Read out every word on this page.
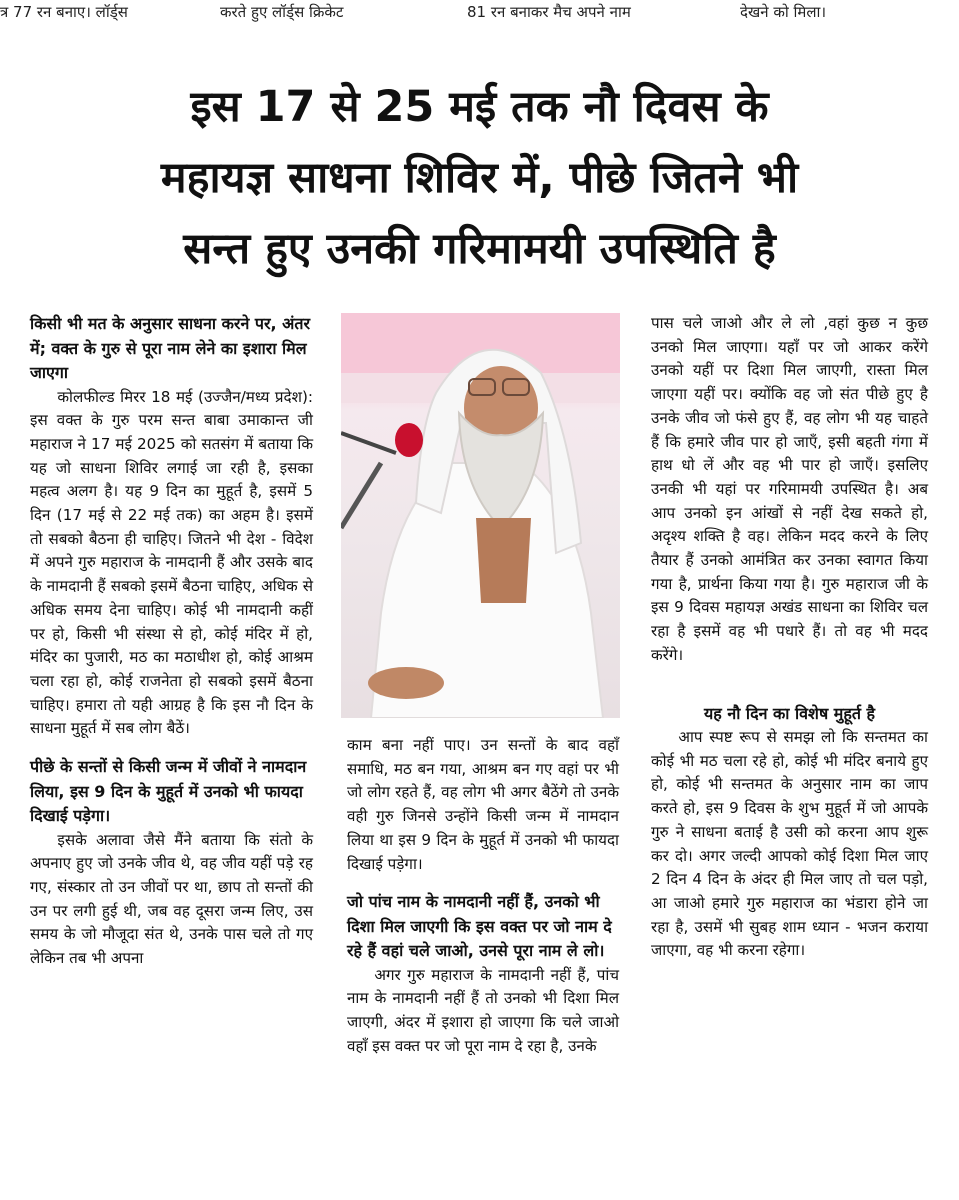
त्र 77 रन बनाए। लॉर्ड्स	करते हुए लॉर्ड्स क्रिकेट	81 रन बनाकर मैच अपने नाम	देखने को मिला।
इस 17 से 25 मई तक नौ दिवस के
महायज्ञ साधना शिविर में, पीछे जितने भी
सन्त हुए उनकी गरिमामयी उपस्थिति है

किसी भी मत के अनुसार साधना करने पर, अंतर में; वक्त के गुरु से पूरा नाम लेने का इशारा मिल जाएगा

कोलफील्ड मिरर 18 मई (उज्जैन/मध्य प्रदेश): इस वक्त के गुरु परम सन्त बाबा उमाकान्त जी महाराज ने 17 मई 2025 को सतसंग में बताया कि यह जो साधना शिविर लगाई जा रही है, इसका महत्व अलग है। यह 9 दिन का मुहूर्त है, इसमें 5 दिन (17 मई से 22 मई तक) का अहम है। इसमें तो सबको बैठना ही चाहिए। जितने भी देश - विदेश में अपने गुरु महाराज के नामदानी हैं और उसके बाद के नामदानी हैं सबको इसमें बैठना चाहिए, अधिक से अधिक समय देना चाहिए। कोई भी नामदानी कहीं पर हो, किसी भी संस्था से हो, कोई मंदिर में हो, मंदिर का पुजारी, मठ का मठाधीश हो, कोई आश्रम चला रहा हो, कोई राजनेता हो सबको इसमें बैठना चाहिए। हमारा तो यही आग्रह है कि इस नौ दिन के साधना मुहूर्त में सब लोग बैठें।

पीछे के सन्तों से किसी जन्म में जीवों ने नामदान लिया, इस 9 दिन के मुहूर्त में उनको भी फायदा दिखाई पड़ेगा।

इसके अलावा जैसे मैंने बताया कि संतो के अपनाए हुए जो उनके जीव थे, वह जीव यहीं पड़े रह गए, संस्कार तो उन जीवों पर था, छाप तो सन्तों की उन पर लगी हुई थी, जब वह दूसरा जन्म लिए, उस समय के जो मौजूदा संत थे, उनके पास चले तो गए लेकिन तब भी अपना

काम बना नहीं पाए। उन सन्तों के बाद वहाँ समाधि, मठ बन गया, आश्रम बन गए वहां पर भी जो लोग रहते हैं, वह लोग भी अगर बैठेंगे तो उनके वही गुरु जिनसे उन्होंने किसी जन्म में नामदान लिया था इस 9 दिन के मुहूर्त में उनको भी फायदा दिखाई पड़ेगा।

जो पांच नाम के नामदानी नहीं हैं, उनको भी दिशा मिल जाएगी कि इस वक्त पर जो नाम दे रहे हैं वहां चले जाओ, उनसे पूरा नाम ले लो।

अगर गुरु महाराज के नामदानी नहीं हैं, पांच नाम के नामदानी नहीं हैं तो उनको भी दिशा मिल जाएगी, अंदर में इशारा हो जाएगा कि चले जाओ वहाँ इस वक्त पर जो पूरा नाम दे रहा है, उनके

पास चले जाओ और ले लो ,वहां कुछ न कुछ उनको मिल जाएगा। यहाँ पर जो आकर करेंगे उनको यहीं पर दिशा मिल जाएगी, रास्ता मिल जाएगा यहीं पर। क्योंकि वह जो संत पीछे हुए है उनके जीव जो फंसे हुए हैं, वह लोग भी यह चाहते हैं कि हमारे जीव पार हो जाएँ, इसी बहती गंगा में हाथ धो लें और वह भी पार हो जाएँ। इसलिए उनकी भी यहां पर गरिमामयी उपस्थित है। अब आप उनको इन आंखों से नहीं देख सकते हो, अदृश्य शक्ति है वह। लेकिन मदद करने के लिए तैयार हैं उनको आमंत्रित कर उनका स्वागत किया गया है, प्रार्थना किया गया है। गुरु महाराज जी के इस 9 दिवस महायज्ञ अखंड साधना का शिविर चल रहा है इसमें वह भी पधारे हैं। तो वह भी मदद करेंगे।

यह नौ दिन का विशेष मुहूर्त है

आप स्पष्ट रूप से समझ लो कि सन्तमत का कोई भी मठ चला रहे हो, कोई भी मंदिर बनाये हुए हो, कोई भी सन्तमत के अनुसार नाम का जाप करते हो, इस 9 दिवस के शुभ मुहूर्त में जो आपके गुरु ने साधना बताई है उसी को करना आप शुरू कर दो। अगर जल्दी आपको कोई दिशा मिल जाए 2 दिन 4 दिन के अंदर ही मिल जाए तो चल पड़ो, आ जाओ हमारे गुरु महाराज का भंडारा होने जा रहा है, उसमें भी सुबह शाम ध्यान - भजन कराया जाएगा, वह भी करना रहेगा।
